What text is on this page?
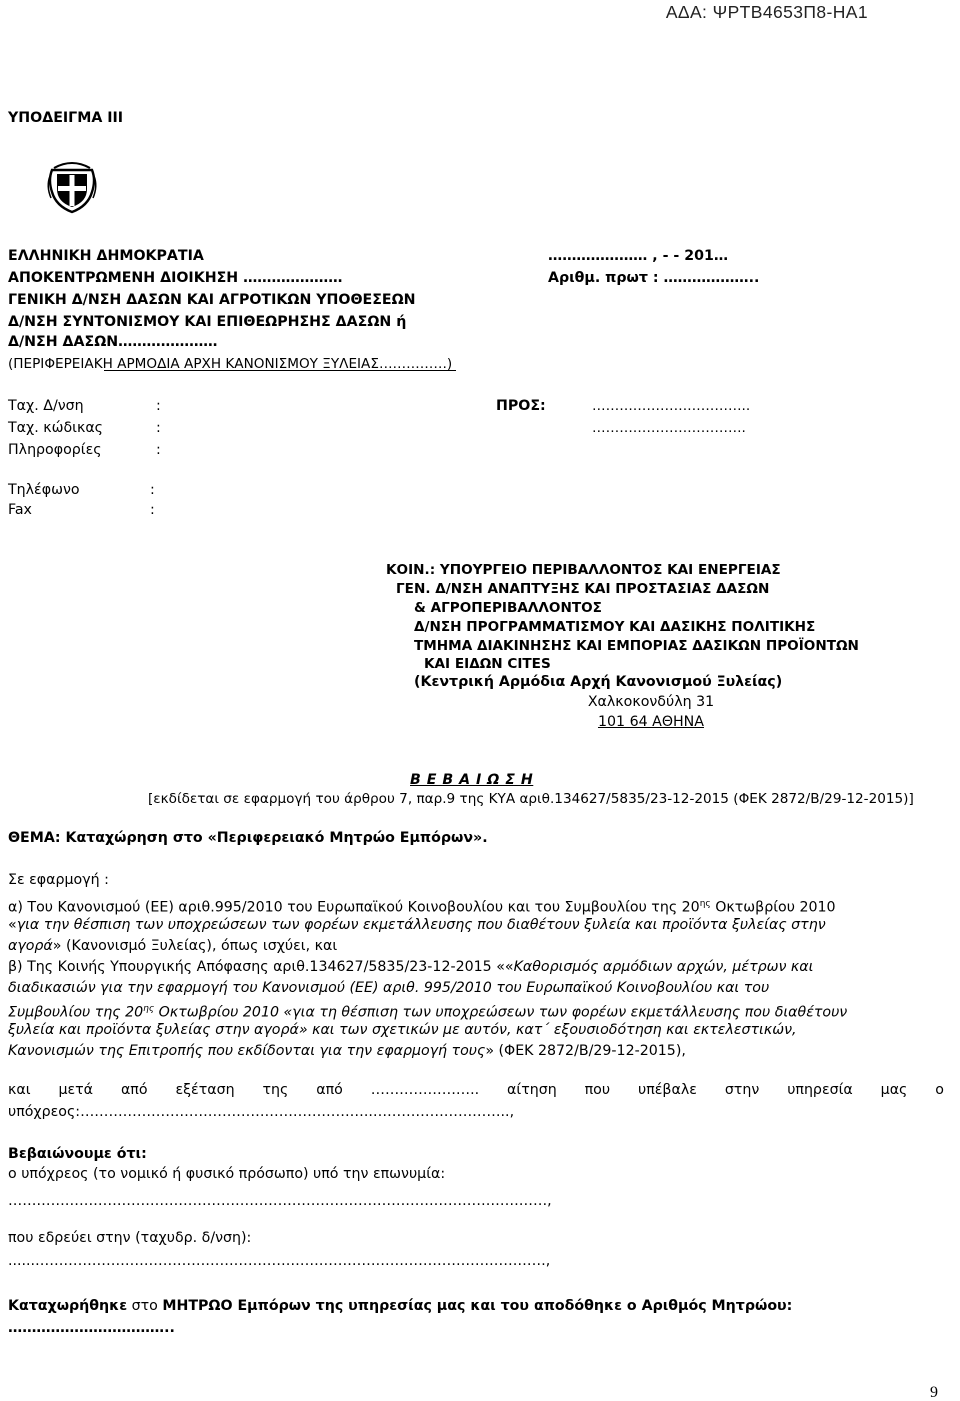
ΑΔΑ: ΨΡΤΒ4653Π8-ΗΑ1
ΥΠΟΔΕΙΓΜΑ ΙΙΙ
ΕΛΛΗΝΙΚΗ ΔΗΜΟΚΡΑΤΙΑ
ΑΠΟΚΕΝΤΡΩΜΕΝΗ ΔΙΟΙΚΗΣΗ …………………
ΓΕΝΙΚΗ Δ/ΝΣΗ ΔΑΣΩΝ ΚΑΙ ΑΓΡΟΤΙΚΩΝ ΥΠΟΘΕΣΕΩΝ
Δ/ΝΣΗ ΣΥΝΤΟΝΙΣΜΟΥ ΚΑΙ ΕΠΙΘΕΩΡΗΣΗΣ ΔΑΣΩΝ ή
Δ/ΝΣΗ ΔΑΣΩΝ…………………
(ΠΕΡΙΦΕΡΕΙΑΚΗ ΑΡΜΟΔΙΑ ΑΡΧΗ ΚΑΝΟΝΙΣΜΟΥ ΞΥΛΕΙΑΣ……………)
………………… , - - 201…
Αριθμ. πρωτ : ………………..
Ταχ. Δ/νση	:
Ταχ. κώδικας	:
Πληροφορίες	:
Τηλέφωνο	:
Fax	:
ΠΡΟΣ:	……………………………..
…………………………….
ΚΟΙΝ.: ΥΠΟΥΡΓΕΙΟ ΠΕΡΙΒΑΛΛΟΝΤΟΣ ΚΑΙ ΕΝΕΡΓΕΙΑΣ
ΓΕΝ. Δ/ΝΣΗ ΑΝΑΠΤΥΞΗΣ ΚΑΙ ΠΡΟΣΤΑΣΙΑΣ ΔΑΣΩΝ
& ΑΓΡΟΠΕΡΙΒΑΛΛΟΝΤΟΣ
Δ/ΝΣΗ ΠΡΟΓΡΑΜΜΑΤΙΣΜΟΥ ΚΑΙ ΔΑΣΙΚΗΣ ΠΟΛΙΤΙΚΗΣ
ΤΜΗΜΑ ΔΙΑΚΙΝΗΣΗΣ ΚΑΙ ΕΜΠΟΡΙΑΣ ΔΑΣΙΚΩΝ ΠΡΟΪΟΝΤΩΝ
ΚΑΙ ΕΙΔΩΝ CITES
(Κεντρική Αρμόδια Αρχή Κανονισμού Ξυλείας)
Χαλκοκονδύλη 31
101 64 ΑΘΗΝΑ
Β Ε Β Α Ι Ω Σ Η
[εκδίδεται σε εφαρμογή του άρθρου 7, παρ.9 της ΚΥΑ αριθ.134627/5835/23-12-2015 (ΦΕΚ 2872/Β/29-12-2015)]
ΘΕΜΑ: Καταχώρηση στο «Περιφερειακό Μητρώο Εμπόρων».
Σε εφαρμογή :
α) Του Κανονισμού (ΕΕ) αριθ.995/2010 του Ευρωπαϊκού Κοινοβουλίου και του Συμβουλίου της $20^{\eta\varsigma}$ Οκτωβρίου 2010
«για την θέσπιση των υποχρεώσεων των φορέων εκμετάλλευσης που διαθέτουν ξυλεία και προϊόντα ξυλείας στην
αγορά» (Κανονισμό Ξυλείας), όπως ισχύει, και
β) Της Κοινής Υπουργικής Απόφασης αριθ.134627/5835/23-12-2015 ««Καθορισμός αρμόδιων αρχών, μέτρων και
διαδικασιών για την εφαρμογή του Κανονισμού (ΕΕ) αριθ. 995/2010 του Ευρωπαϊκού Κοινοβουλίου και του
Συμβουλίου της $20^{\eta\varsigma}$ Οκτωβρίου 2010 «για τη θέσπιση των υποχρεώσεων των φορέων εκμετάλλευσης που διαθέτουν
ξυλεία και προϊόντα ξυλείας στην αγορά» και των σχετικών με αυτόν, κατ΄ εξουσιοδότηση και εκτελεστικών,
Κανονισμών της Επιτροπής που εκδίδονται για την εφαρμογή τους» (ΦΕΚ 2872/Β/29-12-2015),
και μετά από εξέταση της από ………………….. αίτηση που υπέβαλε στην υπηρεσία μας ο
υπόχρεος:……………………………………………………..………………………..,
Βεβαιώνουμε ότι:
ο υπόχρεος (το νομικό ή φυσικό πρόσωπο) υπό την επωνυμία:
……………………………………………………………………………………………………,
που εδρεύει στην (ταχυδρ. δ/νση):
......………………………………………………………………………………………………,
Καταχωρήθηκε στο ΜΗΤΡΩΟ Εμπόρων της υπηρεσίας μας και του αποδόθηκε ο Αριθμός Μητρώου:
……………………………..
9
